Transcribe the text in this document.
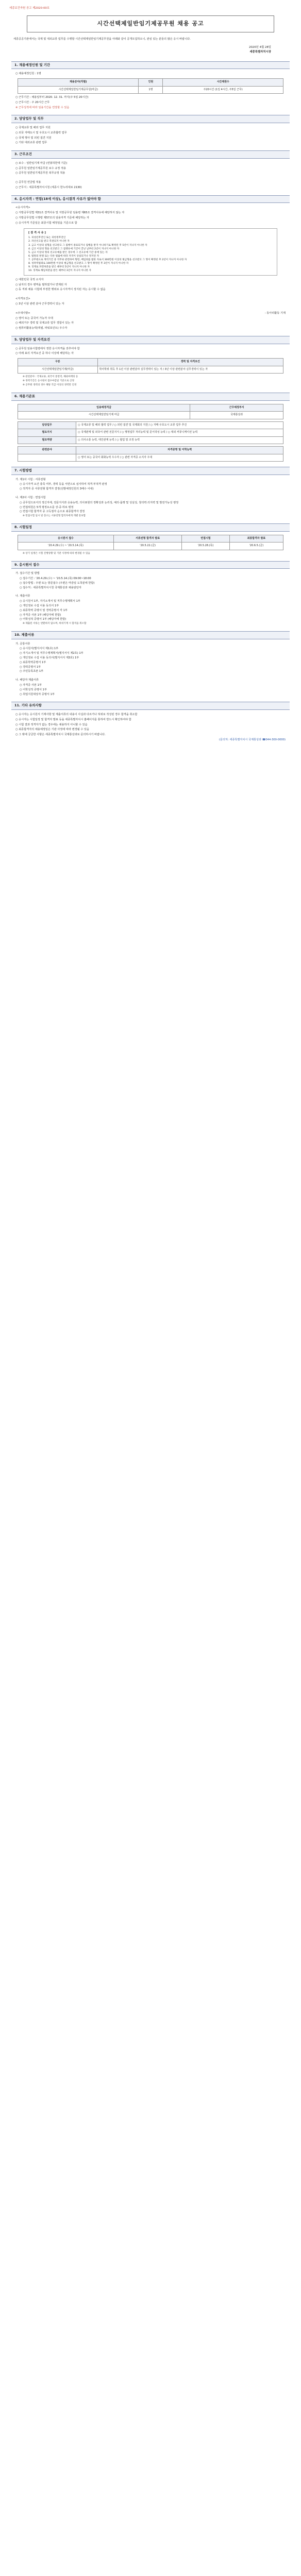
세종보건자원 공고 제2020-00호
시간선택제일반임기제공무원 채용 공고
세종공공기관에서는 국제 및 대외교류 업무를 수행할 시간선택제일반임기제공무원을 아래와 같이 공개모집하오니, 관심 있는 분들의 많은 응시 바랍니다.
2020년 4월 28일
세종특별자치시장
1. 채용예정인원 및 기간
○ 채용예정인원 : 1명
채용분야(직렬)	인원	시간제원수
시간선택제일반임기제공무원(마급)	1명	주20시간 (1일 4시간, 주5일 근무)
○ 근무기간 : 채용일부터 2020. 12. 31. 까지(주 5일 20시간)
○ 근무시간 : 주 20시간 근무
※ 근무성적에 따라 임용기간을 연장할 수 있음
2. 담당업무 및 직무
○ 국제교류 및 해외 업무 지원
○ 외국 자매도시 및 우호도시 교류협력 업무
○ 국제 행사 및 외빈 접견 지원
○ 기타 대외교류 관련 업무
3. 근무조건
○ 보수 : 일반임기제 마급 (연봉하한액 기준)
○ 공무원 일반임기제공무원 보수 규정 적용
○ 공무원 일반임기제공무원 복무규정 적용
○ 공무원 연금법 적용
○ 근무지 : 세종특별자치시청 (세종시 한누리대로 2130)
4. 응시자격 : 연령(18세 이상), 응시결격 사유가 없어야 함
<응시자격>
○ 지방공무원법 제31조 결격사유 및 지방공무원 임용령 제65조 결격사유에 해당하지 않는 자
○ 지방공무원법 시행령 제57조의 임용자격 기준에 해당하는 자
○ 응시자격 기준일은 최종시험 예정일을 기준으로 함
[ 결 격 사 유 ]
1. 피성년후견인 또는 피한정후견인
2. 파산선고를 받고 복권되지 아니한 자
3. 금고 이상의 실형을 선고받고 그 집행이 종료되거나 집행을 받지 아니하기로 확정된 후 5년이 지나지 아니한 자
4. 금고 이상의 형을 선고받고 그 집행유예 기간이 끝난 날부터 2년이 지나지 아니한 자
5. 금고 이상의 형의 선고유예를 받은 경우에 그 선고유예 기간 중에 있는 자
6. 법원의 판결 또는 다른 법률에 따라 자격이 상실되거나 정지된 자
7. 공무원으로 재직기간 중 직무와 관련하여 횡령, 배임죄를 범한 자로서 300만원 이상의 벌금형을 선고받고 그 형이 확정된 후 2년이 지나지 아니한 자
8. 성폭력범죄로 100만원 이상의 벌금형을 선고받고 그 형이 확정된 후 3년이 지나지 아니한 자
9. 징계로 파면처분을 받은 때부터 5년이 지나지 아니한 자
10. 징계로 해임처분을 받은 때부터 3년이 지나지 아니한 자
○ 대한민국 국적 소지자
○ 남자의 경우 병역을 필하였거나 면제된 자
○ 동 직위 채용 시험에 부정한 행위로 응시자격이 정지된 자는 응시할 수 없음
<자격요건>
○ 3년 이상 관련 분야 근무경력이 있는 자
<우대사항>	- 동아리활동 기재
○ 영어 또는 중국어 가능자 우대
○ 해외거주 경력 및 국제교류 업무 경험이 있는 자
○ 컴퓨터활용능력(엑셀, 파워포인트) 우수자
5. 담당업무 및 자격요건
○ 공무원 임용시험령에서 정한 응시자격을 갖추어야 함
○ 아래 표의 자격요건 중 하나 이상에 해당하는 자
구분	경력 및 자격요건
시간선택제일반임기제(마급)	학사학위 취득 후 1년 이상 관련분야 실무경력이 있는 자 / 3년 이상 관련분야 실무경력이 있는 자
※ 관련분야 : 국제교류, 외국어 통번역, 해외마케팅 등
※ 경력기간은 응시원서 접수마감일 기준으로 산정
※ 공무원 경력의 경우 해당 직급 이상의 경력만 인정
6. 채용기준표
임용예정직급	근무예정부서
시간선택제일반임기제 마급	국제통상과
담당업무	○ 국제교류 및 해외 협력 업무 / ○ 외빈 접견 및 국제회의 지원 / ○ 자매·우호도시 교류 업무 추진
필요지식	○ 국제관계 및 외국어 관련 전문지식 / ○ 행정업무 처리능력 및 문서작성 능력 / ○ 대외 커뮤니케이션 능력
필요역량	○ 의사소통 능력, 대인관계 능력 / ○ 협업 및 조정 능력
관련분야	자격증명 및 어학능력
	○ 영어 또는 중국어 회화능력 우수자 / ○ 관련 자격증 소지자 우대
7. 시험방법
가. 제1차 시험 : 서류전형
○ 응시자격 요건 충족 여부, 경력 등을 서면으로 심사하여 적격·부적격 판정
○ 적격자 중 서류전형 합격자 결정(선발예정인원의 3배수 이내)
나. 제2차 시험 : 면접시험
○ 공무원으로서의 정신자세, 전문지식과 응용능력, 의사표현의 정확성과 논리성, 예의·품행 및 성실성, 창의력·의지력 및 발전가능성 평정
○ 면접위원은 5개 평정요소를 상·중·하로 평정
○ 면접시험 합격자 중 고득점자 순으로 최종합격자 결정
※ 면접시험 일시 및 장소는 서류전형 합격자에게 개별 통보함
8. 시험일정
응시원서 접수	서류전형 합격자 발표	면접시험	최종합격자 발표
'20.4.29.(수) ~ '20.5.14.(목)	'20.5.22.(금)	'20.5.28.(목)	'20.6.5.(금)
※ 상기 일정은 시험 진행상황 및 기관 사정에 따라 변경될 수 있음
9. 응시원서 접수
가. 접수기간 및 방법
○ 접수기간 : '20.4.29.(수) ~ '20.5.14.(목) 09:00~18:00
○ 접수방법 : 우편 또는 방문접수 (우편은 마감일 도착분에 한함)
○ 접수처 : 세종특별자치시청 국제통상과 채용담당자
나. 제출서류
○ 응시원서 1부, 자기소개서 및 직무수행계획서 1부
○ 개인정보 수집 이용 동의서 1부
○ 최종학력 증명서 및 경력증명서 각 1부
○ 자격증 사본 1부 (해당자에 한함)
○ 어학성적 증명서 1부 (해당자에 한함)
※ 제출된 서류는 반환하지 않으며, 허위기재 시 합격을 취소함
10. 제출서류
가. 공통서류
○ 응시원서(별지서식 제1호) 1부
○ 자기소개서 및 직무수행계획서(별지서식 제2호) 1부
○ 개인정보 수집 이용 동의서(별지서식 제3호) 1부
○ 최종학력증명서 1부
○ 경력증명서 1부
○ 주민등록초본 1부
나. 해당자 제출서류
○ 자격증 사본 1부
○ 어학성적 증명서 1부
○ 취업지원대상자 증명서 1부
11. 기타 유의사항
○ 응시자는 응시원서 기재사항 및 제출서류의 내용이 사실과 다르거나 허위로 작성된 경우 합격을 취소함
○ 응시자는 시험일정 및 합격자 발표 등을 세종특별자치시 홈페이지를 통하여 반드시 확인하여야 함
○ 시험 결과 적격자가 없는 경우에는 채용하지 아니할 수 있음
○ 최종합격자의 채용예정일은 기관 사정에 따라 변경될 수 있음
○ 그 밖에 궁금한 사항은 세종특별자치시 국제통상과로 문의하시기 바랍니다.
(문의처: 세종특별자치시 국제통상과 ☎044-300-0000)
